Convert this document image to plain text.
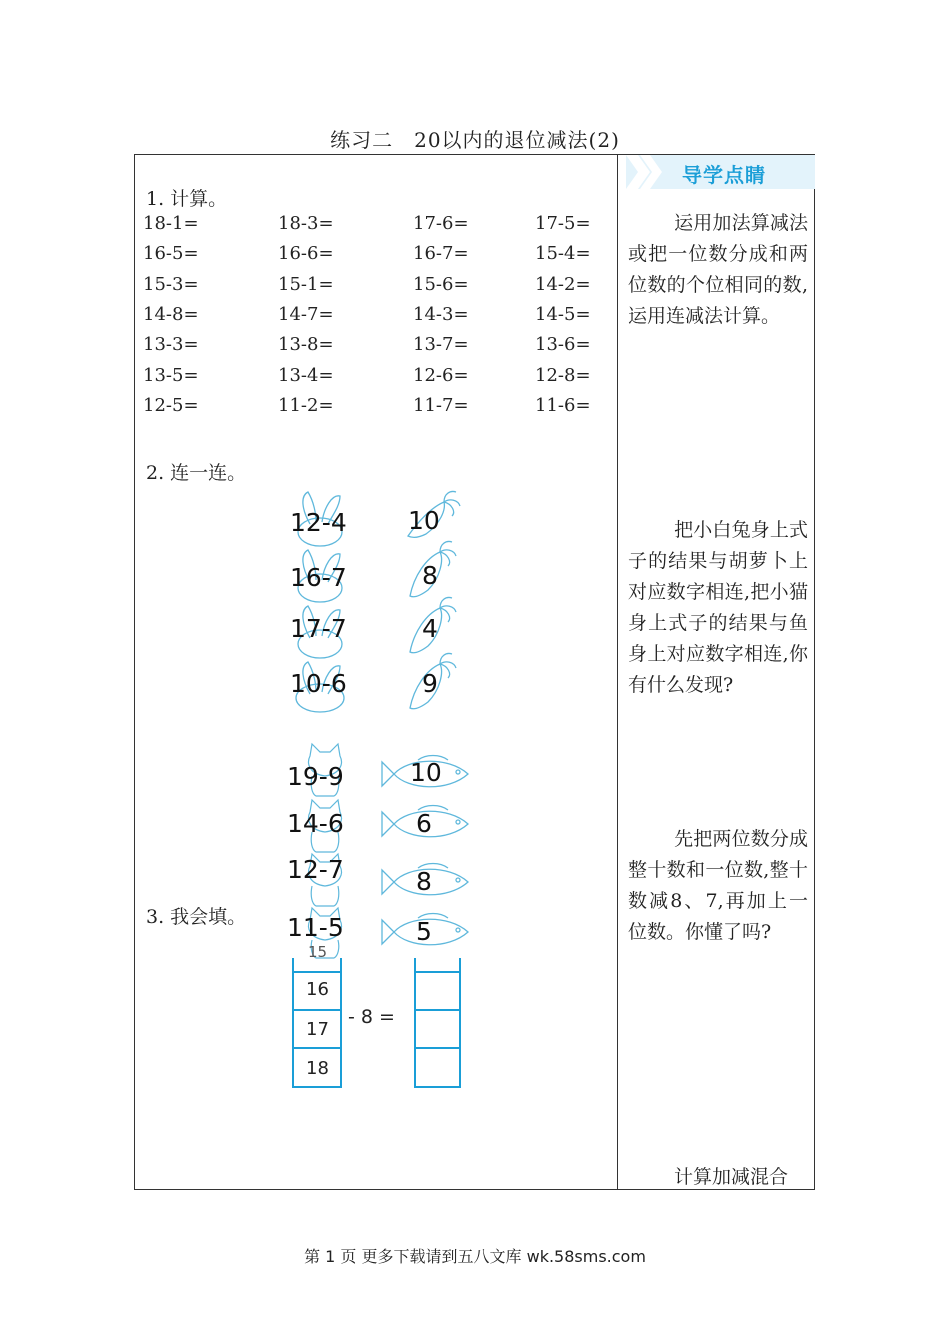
练习二　20以内的退位减法(2)
导学点睛
1. 计算。
18-1=	18-3=	17-6=	17-5=
16-5=	16-6=	16-7=	15-4=
15-3=	15-1=	15-6=	14-2=
14-8=	14-7=	14-3=	14-5=
13-3=	13-8=	13-7=	13-6=
13-5=	13-4=	12-6=	12-8=
12-5=	11-2=	11-7=	11-6=
2. 连一连。
12-4
16-7
17-7
10-6
10
8
4
9
19-9
14-6
12-7
11-5
10
6
8
5
3. 我会填。
15
16
17
18
- 8 =
运用加法算减法或把一位数分成和两位数的个位相同的数,运用连减法计算。
把小白兔身上式子的结果与胡萝卜上对应数字相连,把小猫身上式子的结果与鱼身上对应数字相连,你有什么发现?
先把两位数分成整十数和一位数,整十数减8、7,再加上一位数。你懂了吗?
计算加减混合
第 1 页 更多下载请到五八文库 wk.58sms.com
